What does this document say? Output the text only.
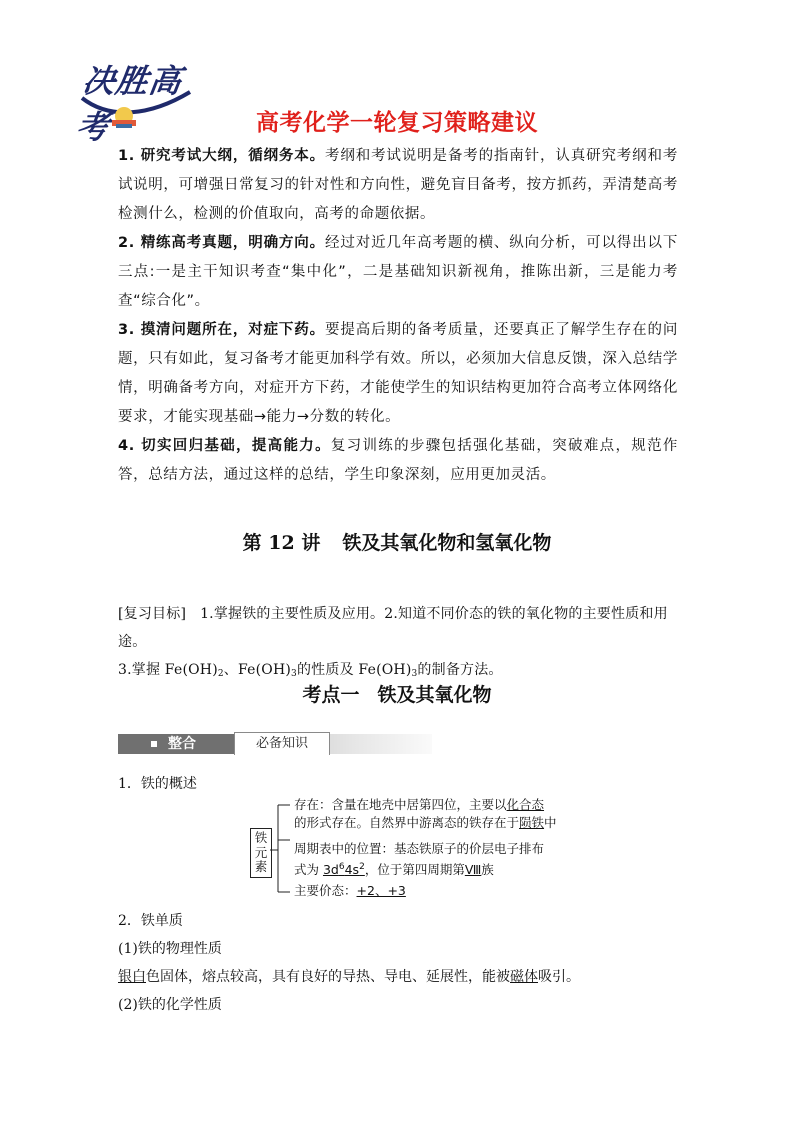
决胜高考	高考化学一轮复习策略建议
1. 研究考试大纲，循纲务本。考纲和考试说明是备考的指南针，认真研究考纲和考试说明，可增强日常复习的针对性和方向性，避免盲目备考，按方抓药，弄清楚高考检测什么，检测的价值取向，高考的命题依据。
2. 精练高考真题，明确方向。经过对近几年高考题的横、纵向分析，可以得出以下三点:一是主干知识考查“集中化”，二是基础知识新视角，推陈出新，三是能力考查“综合化”。
3. 摸清问题所在，对症下药。要提高后期的备考质量，还要真正了解学生存在的问题，只有如此，复习备考才能更加科学有效。所以，必须加大信息反馈，深入总结学情，明确备考方向，对症开方下药，才能使学生的知识结构更加符合高考立体网络化要求，才能实现基础→能力→分数的转化。
4. 切实回归基础，提高能力。复习训练的步骤包括强化基础，突破难点，规范作答，总结方法，通过这样的总结，学生印象深刻，应用更加灵活。
第 12 讲 铁及其氧化物和氢氧化物
[复习目标] 1.掌握铁的主要性质及应用。2.知道不同价态的铁的氧化物的主要性质和用途。
3.掌握 $Fe(OH)_2$、$Fe(OH)_3$的性质及 $Fe(OH)_3$的制备方法。
考点一 铁及其氧化物
整合	必备知识
1．铁的概述
铁
元
素
存在：含量在地壳中居第四位，主要以化合态
的形式存在。自然界中游离态的铁存在于陨铁中
周期表中的位置：基态铁原子的价层电子排布
式为 $3d^64s^2$，位于第四周期第Ⅷ族
主要价态：+2、+3
2．铁单质
(1)铁的物理性质
银白色固体，熔点较高，具有良好的导热、导电、延展性，能被磁体吸引。
(2)铁的化学性质
